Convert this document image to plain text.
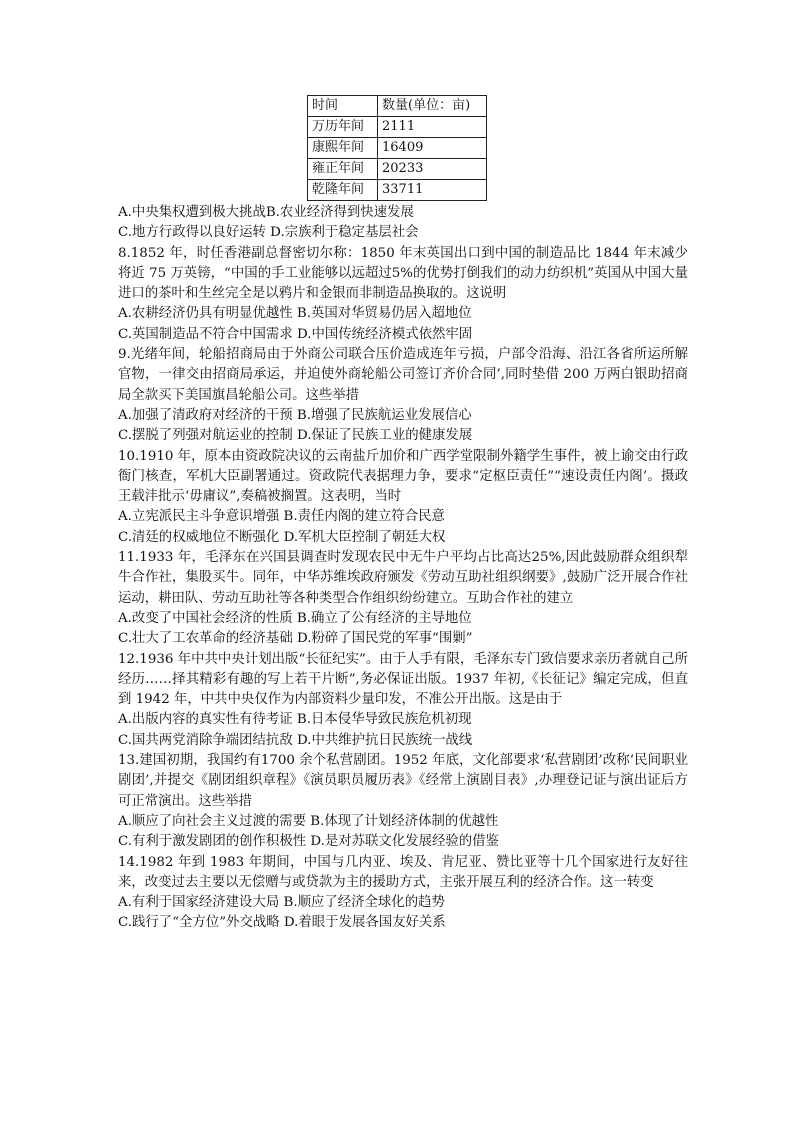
时间	数量(单位：亩)
万历年间	2111
康熙年间	16409
雍正年间	20233
乾隆年间	33711

A.中央集权遭到极大挑战B.农业经济得到快速发展

C.地方行政得以良好运转 D.宗族利于稳定基层社会

8.1852 年，时任香港副总督密切尔称：1850 年末英国出口到中国的制造品比 1844 年末减少将近 75 万英镑，“中国的手工业能够以远超过5%的优势打倒我们的动力纺织机”英国从中国大量进口的茶叶和生丝完全是以鸦片和金银而非制造品换取的。这说明

A.农耕经济仍具有明显优越性 B.英国对华贸易仍居入超地位

C.英国制造品不符合中国需求 D.中国传统经济模式依然牢固

9.光绪年间，轮船招商局由于外商公司联合压价造成连年亏损，户部令沿海、沿江各省所运所解官物，一律交由招商局承运，并迫使外商轮船公司签订齐价合同’,同时垫借 200 万两白银助招商局全款买下美国旗昌轮船公司。这些举措

A.加强了清政府对经济的干预 B.增强了民族航运业发展信心

C.摆脱了列强对航运业的控制 D.保证了民族工业的健康发展

10.1910 年，原本由资政院决议的云南盐斤加价和广西学堂限制外籍学生事件，被上谕交由行政衙门核查，军机大臣副署通过。资政院代表据理力争，要求“定枢臣责任”“速设责任内阁’。摄政王载沣批示‘毋庸议”,奏稿被搁置。这表明，当时

A.立宪派民主斗争意识增强 B.责任内阁的建立符合民意

C.清廷的权威地位不断强化 D.军机大臣控制了朝廷大权

11.1933 年，毛泽东在兴国县调查时发现农民中无牛户平均占比高达25%,因此鼓励群众组织犁牛合作社，集股买牛。同年，中华苏维埃政府颁发《劳动互助社组织纲要》,鼓励广泛开展合作社运动，耕田队、劳动互助社等各种类型合作组织纷纷建立。互助合作社的建立

A.改变了中国社会经济的性质 B.确立了公有经济的主导地位

C.壮大了工农革命的经济基础 D.粉碎了国民党的军事“围剿”

12.1936 年中共中央计划出版“长征纪实”。由于人手有限，毛泽东专门致信要求亲历者就自己所经历……择其精彩有趣的写上若干片断”,务必保证出版。1937 年初,《长征记》编定完成，但直到 1942 年，中共中央仅作为内部资料少量印发，不准公开出版。这是由于

A.出版内容的真实性有待考证 B.日本侵华导致民族危机初现

C.国共两党消除争端团结抗敌 D.中共维护抗日民族统一战线

13.建国初期，我国约有1700 余个私营剧团。1952 年底，文化部要求‘私营剧团’改称‘民间职业剧团’,并提交《剧团组织章程》《演员职员履历表》《经常上演剧目表》,办理登记证与演出证后方可正常演出。这些举措

A.顺应了向社会主义过渡的需要 B.体现了计划经济体制的优越性

C.有利于激发剧团的创作积极性 D.是对苏联文化发展经验的借鉴

14.1982 年到 1983 年期间，中国与几内亚、埃及、肯尼亚、赞比亚等十几个国家进行友好往来，改变过去主要以无偿赠与或贷款为主的援助方式，主张开展互利的经济合作。这一转变

A.有利于国家经济建设大局 B.顺应了经济全球化的趋势

C.践行了“全方位”外交战略 D.着眼于发展各国友好关系
